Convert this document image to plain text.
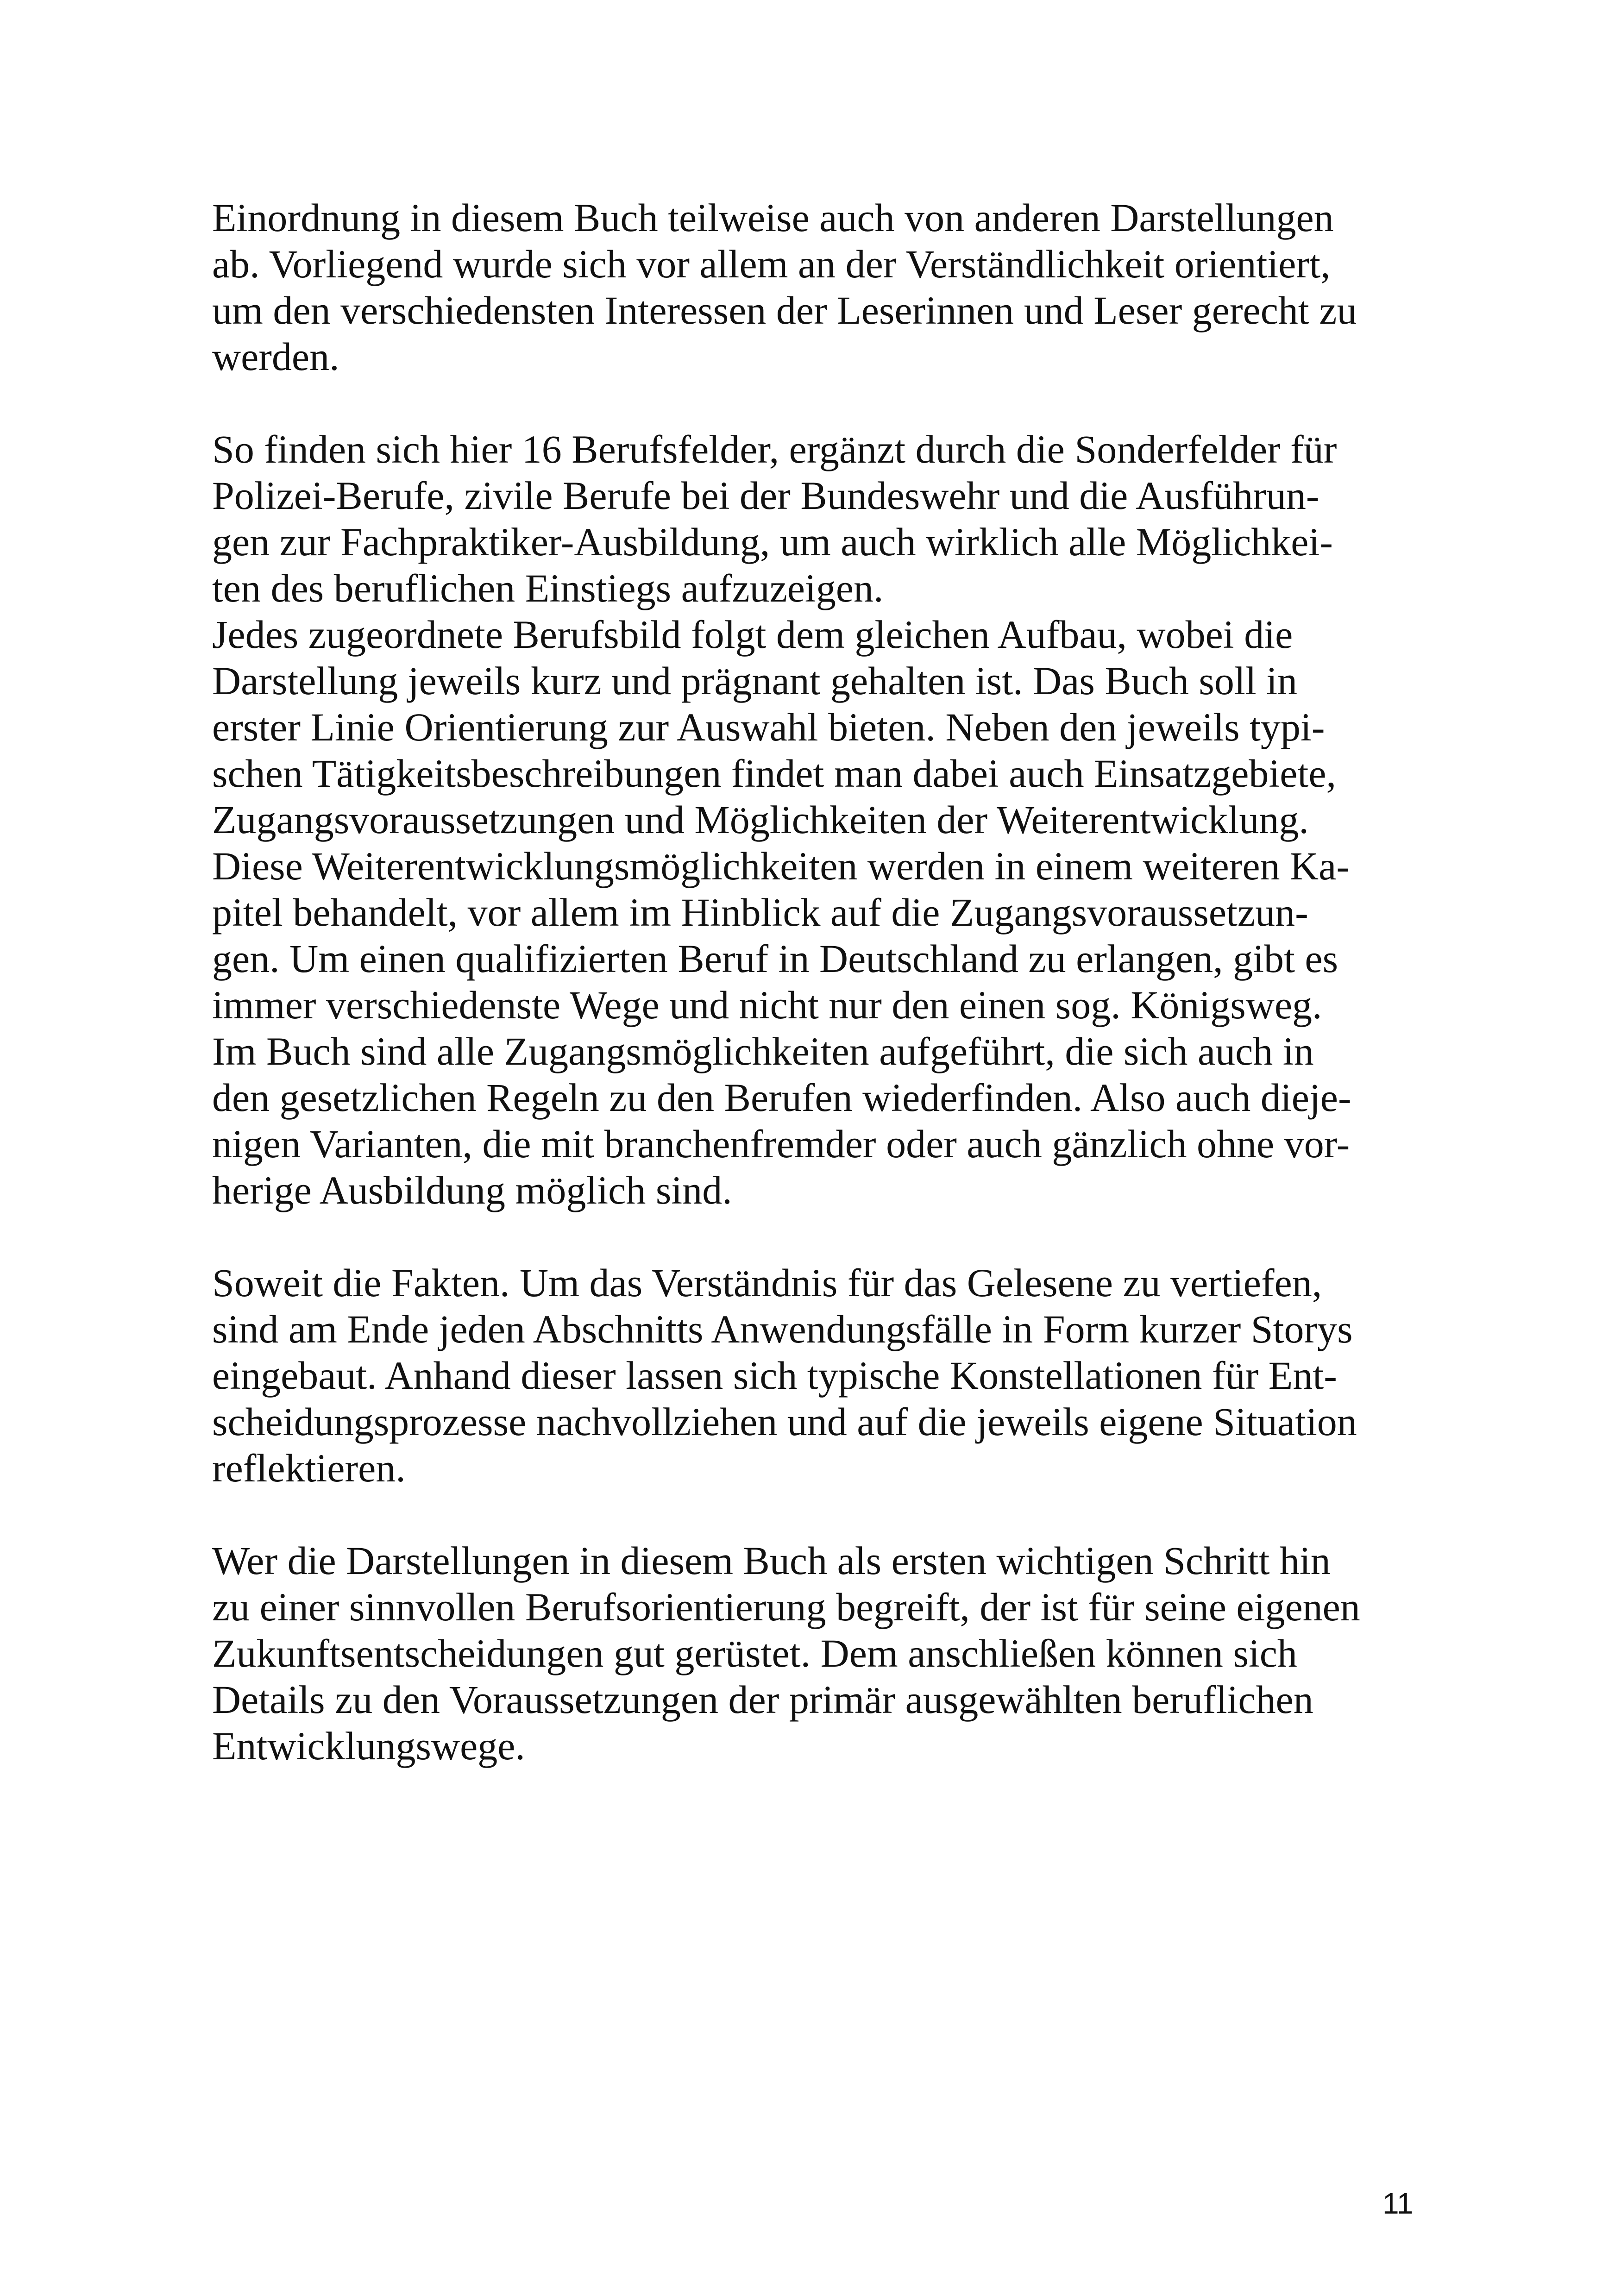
Einordnung in diesem Buch teilweise auch von anderen Darstellungen
ab. Vorliegend wurde sich vor allem an der Verständlichkeit orientiert,
um den verschiedensten Interessen der Leserinnen und Leser gerecht zu
werden.
So finden sich hier 16 Berufsfelder, ergänzt durch die Sonderfelder für
Polizei-Berufe, zivile Berufe bei der Bundeswehr und die Ausführun-
gen zur Fachpraktiker-Ausbildung, um auch wirklich alle Möglichkei-
ten des beruflichen Einstiegs aufzuzeigen.
Jedes zugeordnete Berufsbild folgt dem gleichen Aufbau, wobei die
Darstellung jeweils kurz und prägnant gehalten ist. Das Buch soll in
erster Linie Orientierung zur Auswahl bieten. Neben den jeweils typi-
schen Tätigkeitsbeschreibungen findet man dabei auch Einsatzgebiete,
Zugangsvoraussetzungen und Möglichkeiten der Weiterentwicklung.
Diese Weiterentwicklungsmöglichkeiten werden in einem weiteren Ka-
pitel behandelt, vor allem im Hinblick auf die Zugangsvoraussetzun-
gen. Um einen qualifizierten Beruf in Deutschland zu erlangen, gibt es
immer verschiedenste Wege und nicht nur den einen sog. Königsweg.
Im Buch sind alle Zugangsmöglichkeiten aufgeführt, die sich auch in
den gesetzlichen Regeln zu den Berufen wiederfinden. Also auch dieje-
nigen Varianten, die mit branchenfremder oder auch gänzlich ohne vor-
herige Ausbildung möglich sind.
Soweit die Fakten. Um das Verständnis für das Gelesene zu vertiefen,
sind am Ende jeden Abschnitts Anwendungsfälle in Form kurzer Storys
eingebaut. Anhand dieser lassen sich typische Konstellationen für Ent-
scheidungsprozesse nachvollziehen und auf die jeweils eigene Situation
reflektieren.
Wer die Darstellungen in diesem Buch als ersten wichtigen Schritt hin
zu einer sinnvollen Berufsorientierung begreift, der ist für seine eigenen
Zukunftsentscheidungen gut gerüstet. Dem anschließen können sich
Details zu den Voraussetzungen der primär ausgewählten beruflichen
Entwicklungswege.
11
